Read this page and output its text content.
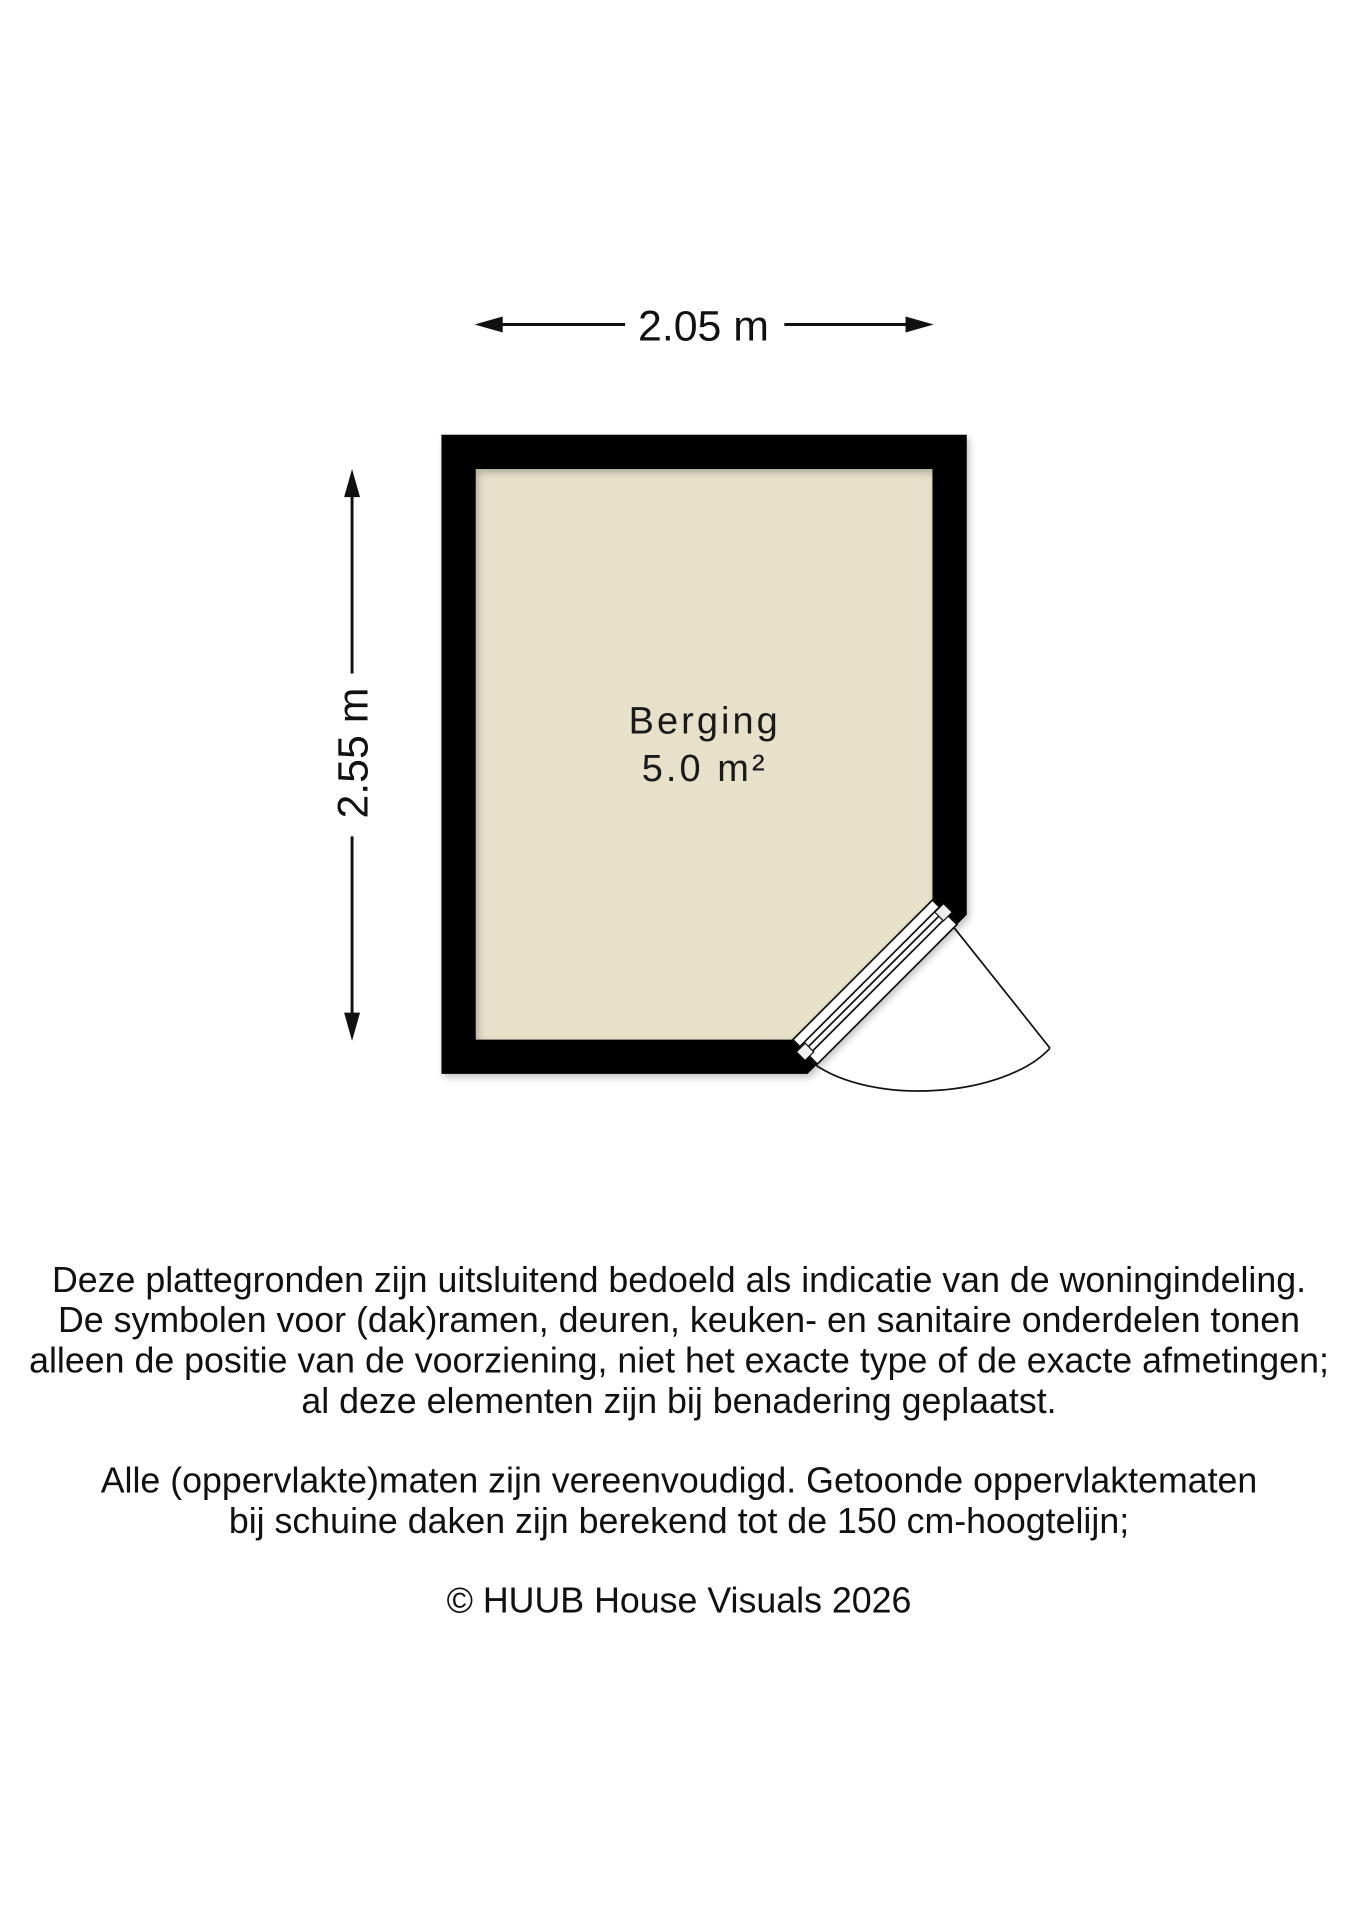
2.05 m
2.55 m	Berging
5.0 m²
Deze plattegronden zijn uitsluitend bedoeld als indicatie van de woningindeling.
De symbolen voor (dak)ramen, deuren, keuken- en sanitaire onderdelen tonen
alleen de positie van de voorziening, niet het exacte type of de exacte afmetingen;
al deze elementen zijn bij benadering geplaatst.
Alle (oppervlakte)maten zijn vereenvoudigd. Getoonde oppervlaktematen
bij schuine daken zijn berekend tot de 150 cm-hoogtelijn;
© HUUB House Visuals 2026
